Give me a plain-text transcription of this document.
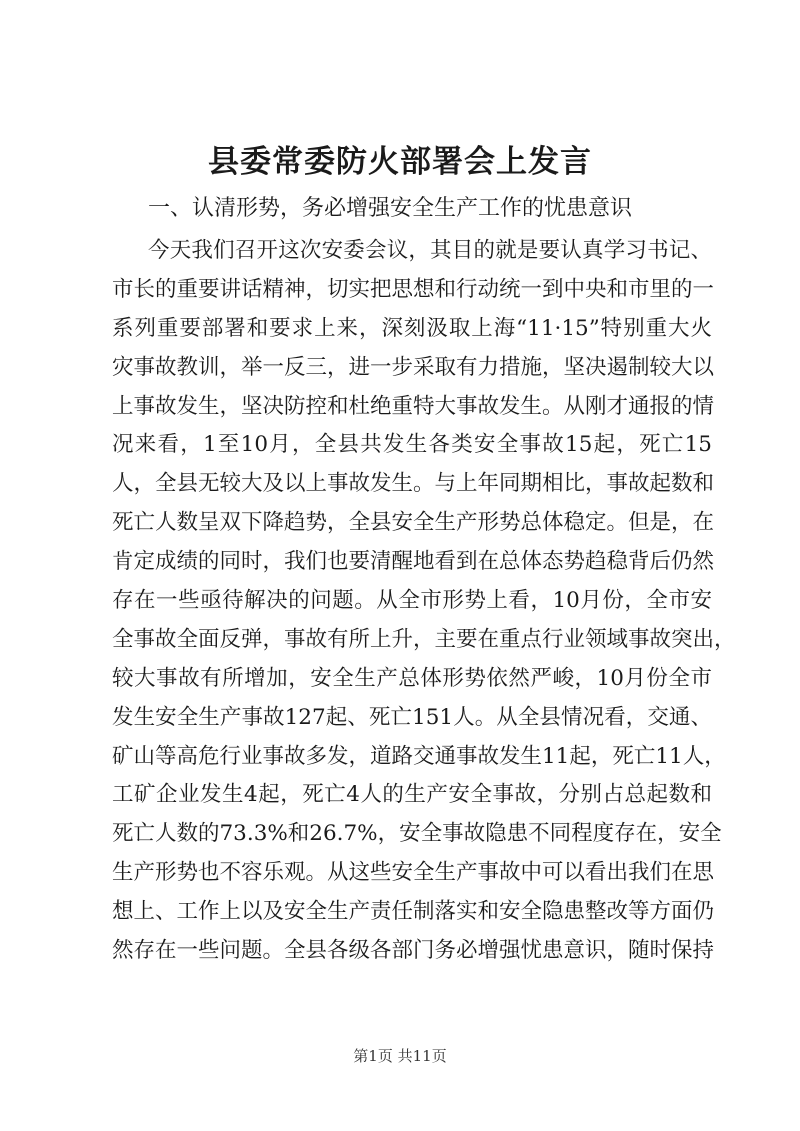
县委常委防火部署会上发言
一、认清形势，务必增强安全生产工作的忧患意识
今天我们召开这次安委会议，其目的就是要认真学习书记、
市长的重要讲话精神，切实把思想和行动统一到中央和市里的一
系列重要部署和要求上来，深刻汲取上海“11·15”特别重大火
灾事故教训，举一反三，进一步采取有力措施，坚决遏制较大以
上事故发生，坚决防控和杜绝重特大事故发生。从刚才通报的情
况来看，1至10月，全县共发生各类安全事故15起，死亡15
人，全县无较大及以上事故发生。与上年同期相比，事故起数和
死亡人数呈双下降趋势，全县安全生产形势总体稳定。但是，在
肯定成绩的同时，我们也要清醒地看到在总体态势趋稳背后仍然
存在一些亟待解决的问题。从全市形势上看，10月份，全市安
全事故全面反弹，事故有所上升，主要在重点行业领域事故突出，
较大事故有所增加，安全生产总体形势依然严峻，10月份全市
发生安全生产事故127起、死亡151人。从全县情况看，交通、
矿山等高危行业事故多发，道路交通事故发生11起，死亡11人，
工矿企业发生4起，死亡4人的生产安全事故，分别占总起数和
死亡人数的73.3%和26.7%，安全事故隐患不同程度存在，安全
生产形势也不容乐观。从这些安全生产事故中可以看出我们在思
想上、工作上以及安全生产责任制落实和安全隐患整改等方面仍
然存在一些问题。全县各级各部门务必增强忧患意识，随时保持
第1页 共11页
